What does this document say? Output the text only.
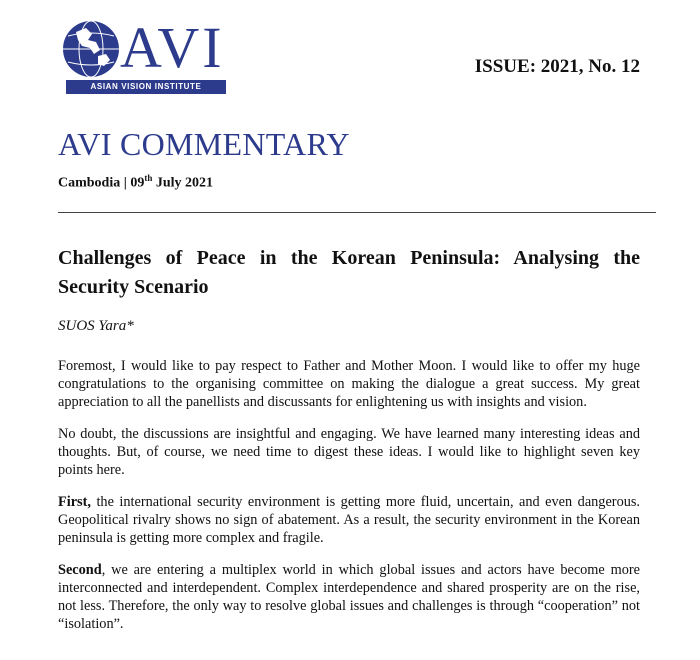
AVI
ASIAN VISION INSTITUTE
ISSUE: 2021, No. 12
AVI COMMENTARY
Cambodia | 09th July 2021
Challenges of Peace in the Korean Peninsula: Analysing the Security Scenario
SUOS Yara*

Foremost, I would like to pay respect to Father and Mother Moon. I would like to offer my huge congratulations to the organising committee on making the dialogue a great success. My great appreciation to all the panellists and discussants for enlightening us with insights and vision.

No doubt, the discussions are insightful and engaging. We have learned many interesting ideas and thoughts. But, of course, we need time to digest these ideas. I would like to highlight seven key points here.

First, the international security environment is getting more fluid, uncertain, and even dangerous. Geopolitical rivalry shows no sign of abatement. As a result, the security environment in the Korean peninsula is getting more complex and fragile.

Second, we are entering a multiplex world in which global issues and actors have become more interconnected and interdependent. Complex interdependence and shared prosperity are on the rise, not less. Therefore, the only way to resolve global issues and challenges is through “cooperation” not “isolation”.
